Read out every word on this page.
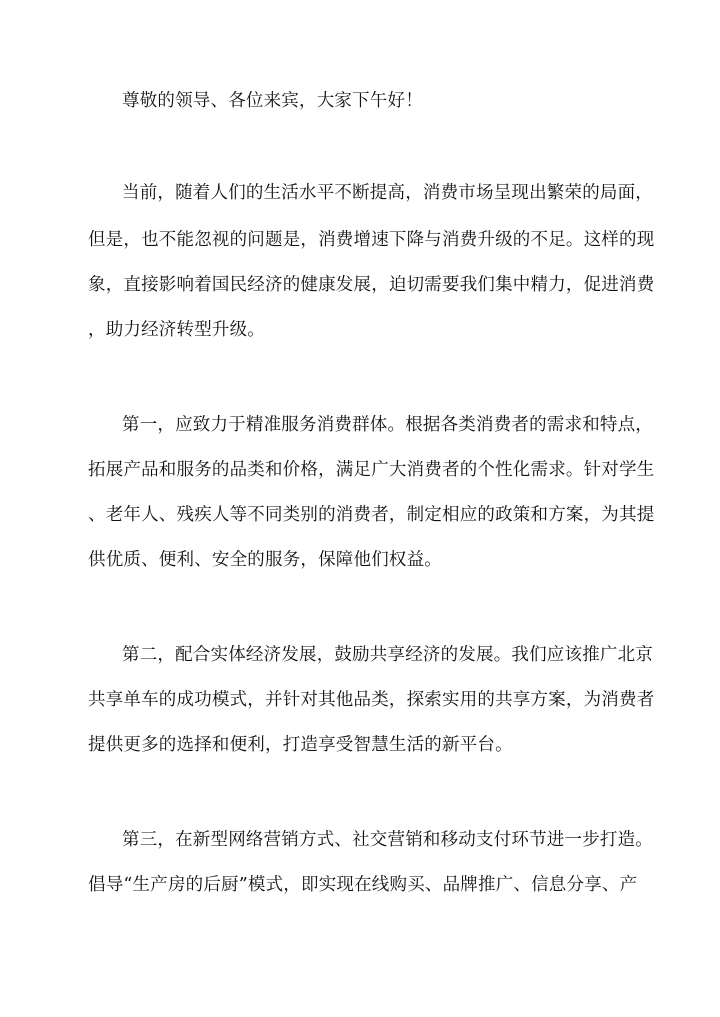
尊敬的领导、各位来宾，大家下午好！
当前，随着人们的生活水平不断提高，消费市场呈现出繁荣的局面，
但是，也不能忽视的问题是，消费增速下降与消费升级的不足。这样的现
象，直接影响着国民经济的健康发展，迫切需要我们集中精力，促进消费
，助力经济转型升级。
第一，应致力于精准服务消费群体。根据各类消费者的需求和特点，
拓展产品和服务的品类和价格，满足广大消费者的个性化需求。针对学生
、老年人、残疾人等不同类别的消费者，制定相应的政策和方案，为其提
供优质、便利、安全的服务，保障他们权益。
第二，配合实体经济发展，鼓励共享经济的发展。我们应该推广北京
共享单车的成功模式，并针对其他品类，探索实用的共享方案，为消费者
提供更多的选择和便利，打造享受智慧生活的新平台。
第三，在新型网络营销方式、社交营销和移动支付环节进一步打造。
倡导“生产房的后厨”模式，即实现在线购买、品牌推广、信息分享、产
